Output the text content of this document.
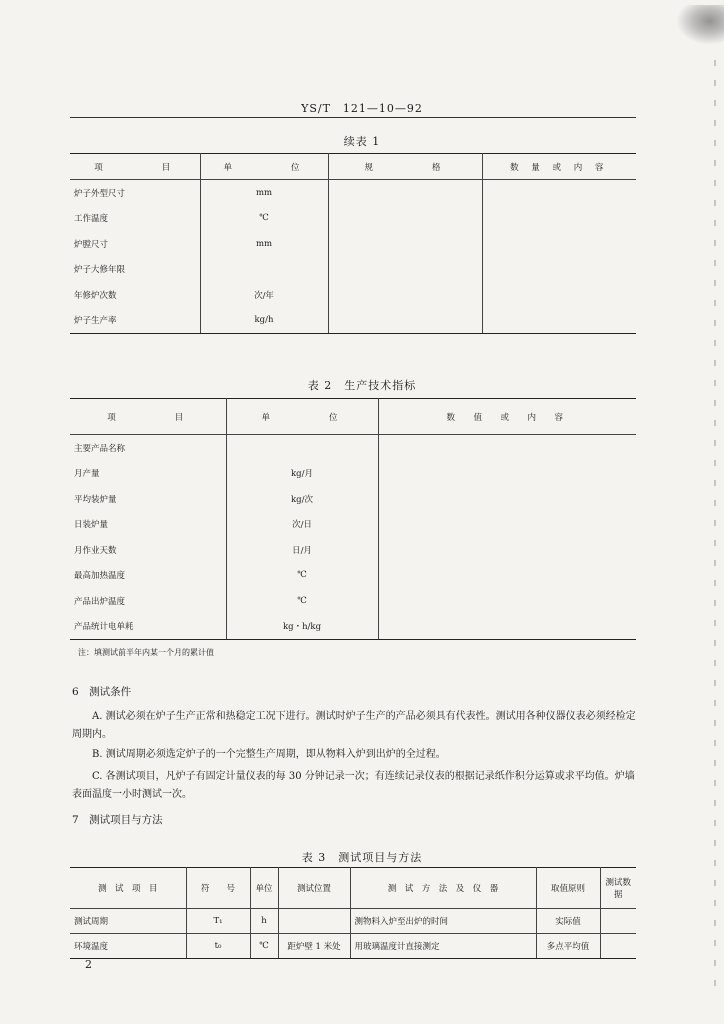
YS/T　121—10—92
续表 1
项　　　　目	单　　　　位	规　　　　格	数 量 或 内 容
炉子外型尺寸	mm		
工作温度	℃		
炉膛尺寸	mm		
炉子大修年限			
年修炉次数	次/年		
炉子生产率	kg/h		
表 2　生产技术指标
项　　　　目	单　　　　位	数　值　或　内　容
主要产品名称		
月产量	kg/月	
平均装炉量	kg/次	
日装炉量	次/日	
月作业天数	日/月	
最高加热温度	℃	
产品出炉温度	℃	
产品统计电单耗	kg・h/kg	
注：填测试前半年内某一个月的累计值
6　测试条件
A. 测试必须在炉子生产正常和热稳定工况下进行。测试时炉子生产的产品必须具有代表性。测试用各种仪器仪表必须经检定周期内。
B. 测试周期必须选定炉子的一个完整生产周期，即从物料入炉到出炉的全过程。
C. 各测试项目，凡炉子有固定计量仪表的每 30 分钟记录一次；有连续记录仪表的根据记录纸作积分运算或求平均值。炉墙表面温度一小时测试一次。
7　测试项目与方法
表 3　测试项目与方法
测　试　项　目	符　　号	单位	测试位置	测　试　方　法　及　仪　器	取值原则	测试数据
测试周期	T₁	h		测物料入炉至出炉的时间	实际值	
环境温度	t₀	℃	距炉壁 1 米处	用玻璃温度计直接测定	多点平均值	
2
